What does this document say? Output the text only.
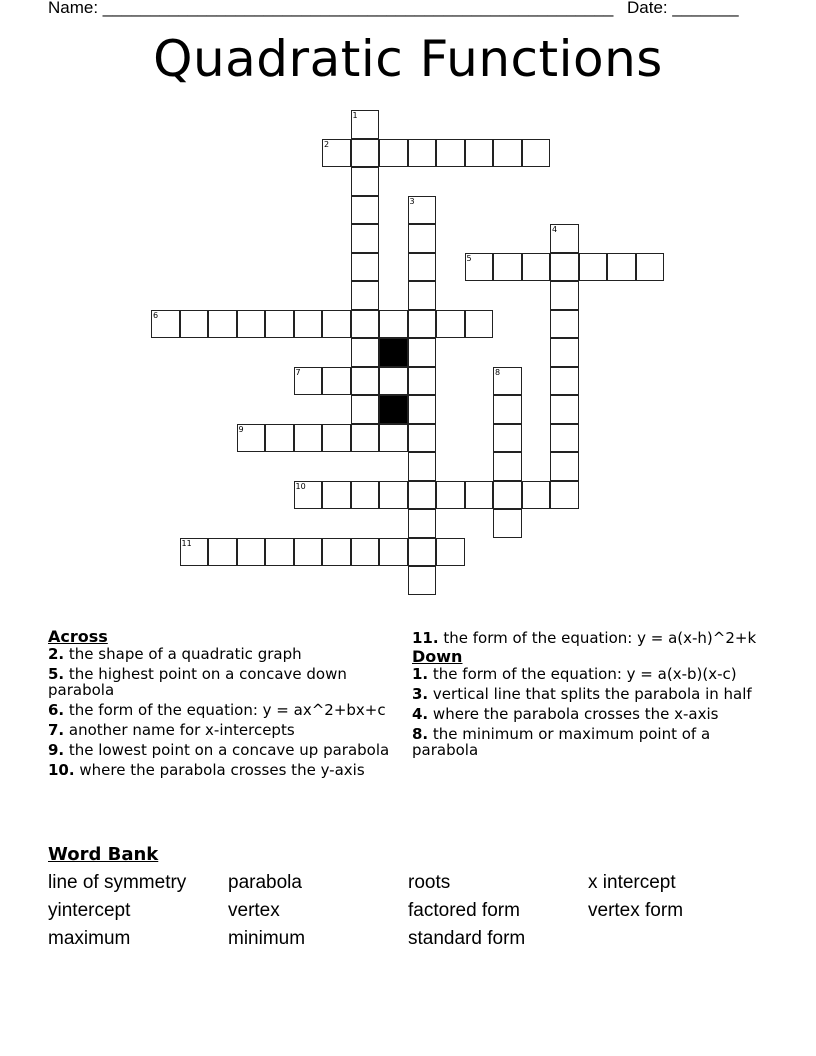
Name: ______________________________________________________ Date: _______
Quadratic Functions
1
2
3
4
5
6
7	8
9
10
11
Across
2. the shape of a quadratic graph
5. the highest point on a concave down parabola
6. the form of the equation: y = ax^2+bx+c
7. another name for x-intercepts
9. the lowest point on a concave up parabola
10. where the parabola crosses the y-axis
11. the form of the equation: y = a(x-h)^2+k
Down
1. the form of the equation: y = a(x-b)(x-c)
3. vertical line that splits the parabola in half
4. where the parabola crosses the x-axis
8. the minimum or maximum point of a parabola
Word Bank
line of symmetry	parabola	roots	x intercept
yintercept	vertex	factored form	vertex form
maximum	minimum	standard form
